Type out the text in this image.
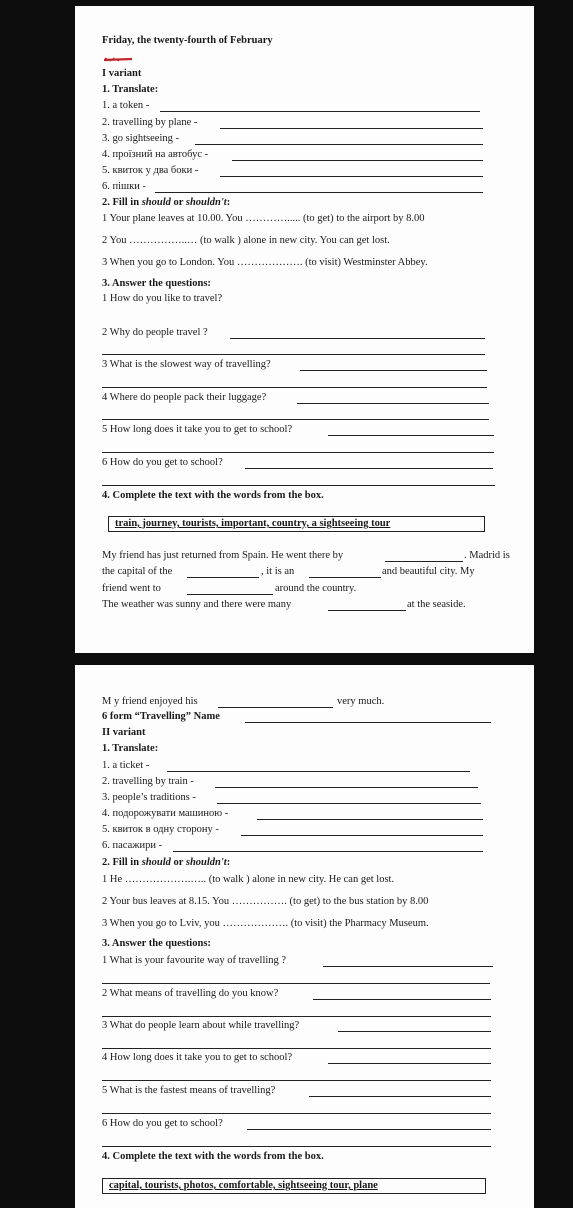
Friday, the twenty-fourth of February
I variant
1. Translate:
1. a token -
2. travelling by plane -
3. go sightseeing -
4. проїзний на автобус -
5. квиток у два боки -
6. пішки -
2. Fill in should or shouldn't:
1 Your plane leaves at 10.00. You …………..... (to get) to the airport by 8.00
2 You ……………..… (to walk ) alone in new city. You can get lost.
3 When you go to London. You ………………. (to visit) Westminster Abbey.
3. Answer the questions:
1 How do you like to travel?
2 Why do people travel ?
3 What is the slowest way of travelling?
4 Where do people pack their luggage?
5 How long does it take you to get to school?
6 How do you get to school?
4. Complete the text with the words from the box.
train, journey, tourists, important, country, a sightseeing tour
My friend has just returned from Spain. He went there by	. Madrid is
the capital of the	, it is an	and beautiful city. My
friend went to	around the country.
The weather was sunny and there were many	at the seaside.
M y friend enjoyed his	very much.
6 form “Travelling” Name
II variant
1. Translate:
1. a ticket -
2. travelling by train -
3. people’s traditions -
4. подорожувати машиною -
5. квиток в одну сторону -
6. пасажири -
2. Fill in should or shouldn't:
1 He ……………….….. (to walk ) alone in new city. He can get lost.
2 Your bus leaves at 8.15. You ……………. (to get) to the bus station by 8.00
3 When you go to Lviv, you ………………. (to visit) the Pharmacy Museum.
3. Answer the questions:
1 What is your favourite way of travelling ?
2 What means of travelling do you know?
3 What do people learn about while travelling?
4 How long does it take you to get to school?
5 What is the fastest means of travelling?
6 How do you get to school?
4. Complete the text with the words from the box.
capital, tourists, photos, comfortable, sightseeing tour, plane
